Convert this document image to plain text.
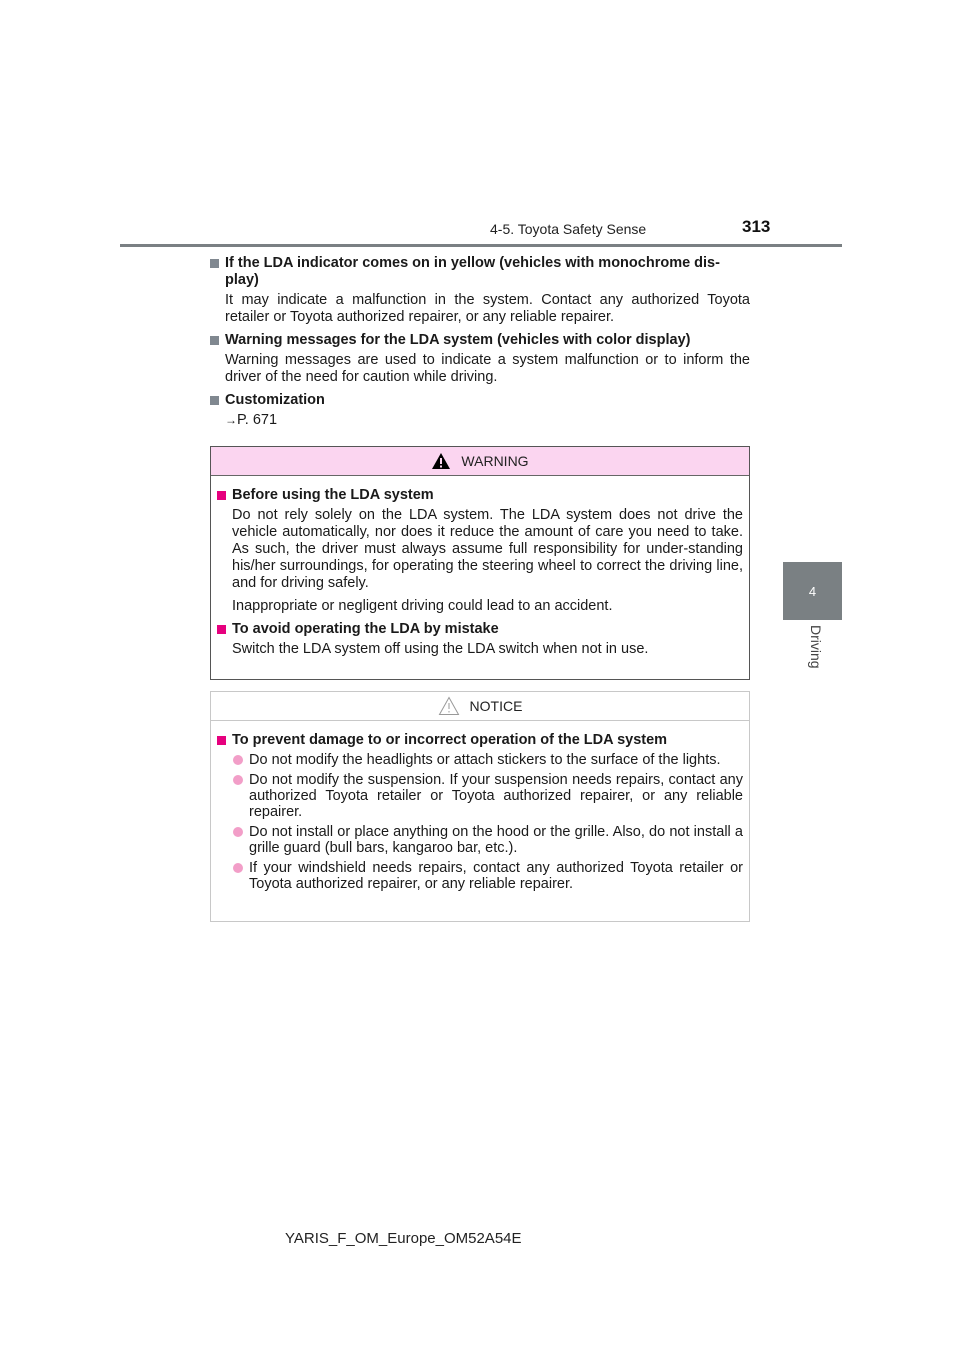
4-5. Toyota Safety Sense	313
4
Driving
If the LDA indicator comes on in yellow (vehicles with monochrome dis-play)
It may indicate a malfunction in the system. Contact any authorized Toyota retailer or Toyota authorized repairer, or any reliable repairer.
Warning messages for the LDA system (vehicles with color display)
Warning messages are used to indicate a system malfunction or to inform the driver of the need for caution while driving.
Customization
→P. 671
WARNING
Before using the LDA system
Do not rely solely on the LDA system. The LDA system does not drive the vehicle automatically, nor does it reduce the amount of care you need to take. As such, the driver must always assume full responsibility for under-standing his/her surroundings, for operating the steering wheel to correct the driving line, and for driving safely.
Inappropriate or negligent driving could lead to an accident.
To avoid operating the LDA by mistake
Switch the LDA system off using the LDA switch when not in use.
NOTICE
To prevent damage to or incorrect operation of the LDA system
Do not modify the headlights or attach stickers to the surface of the lights.
Do not modify the suspension. If your suspension needs repairs, contact any authorized Toyota retailer or Toyota authorized repairer, or any reliable repairer.
Do not install or place anything on the hood or the grille. Also, do not install a grille guard (bull bars, kangaroo bar, etc.).
If your windshield needs repairs, contact any authorized Toyota retailer or Toyota authorized repairer, or any reliable repairer.
YARIS_F_OM_Europe_OM52A54E
